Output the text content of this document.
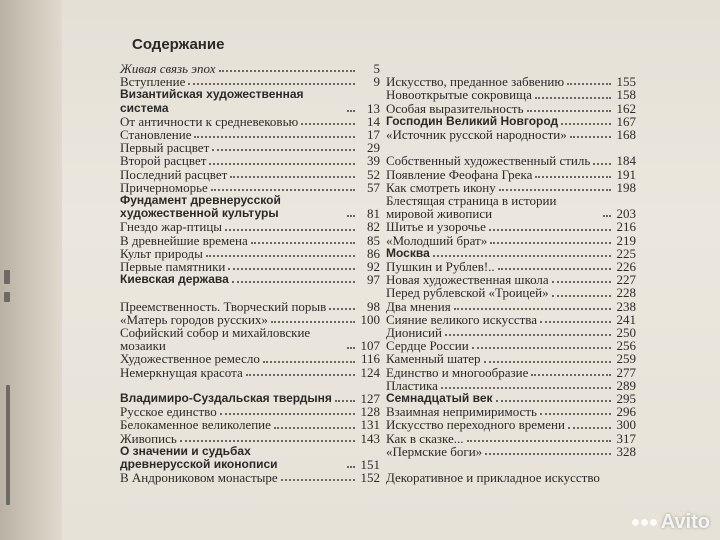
Содержание
Живая связь эпох	5
Вступление	9
Византийская художественная система	13
От античности к средневековью	14
Становление	17
Первый расцвет	29
Второй расцвет	39
Последний расцвет	52
Причерноморье	57
Фундамент древнерусской художественной культуры	81
Гнездо жар-птицы	82
В древнейшие времена	85
Культ природы	86
Первые памятники	92
Киевская держава	97
Преемственность. Творческий порыв	98
«Матерь городов русских»	100
Софийский собор и михайловские мозаики	107
Художественное ремесло	116
Немеркнущая красота	124
Владимиро-Суздальская твердыня 127
Русское единство	128
Белокаменное великолепие	131
Живопись	143
О значении и судьбах древнерусской иконописи	151
В Андрониковом монастыре	152
Искусство, преданное забвению	155
Новооткрытые сокровища	158
Особая выразительность	162
Господин Великий Новгород	167
«Источник русской народности»	168
Собственный художественный стиль 184
Появление Феофана Грека	191
Как смотреть икону	198
Блестящая страница в истории мировой живописи	203
Шитье и узорочье	216
«Молодший брат»	219
Москва	225
Пушкин и Рублев!..	226
Новая художественная школа	227
Перед рублевской «Троицей»	228
Два мнения	238
Сияние великого искусства	241
Дионисий	250
Сердце России	256
Каменный шатер	259
Единство и многообразие	277
Пластика	289
Семнадцатый век	295
Взаимная непримиримость	296
Искусство переходного времени	300
Как в сказке...	317
«Пермские боги»	328
Декоративное и прикладное искусство
Avito
